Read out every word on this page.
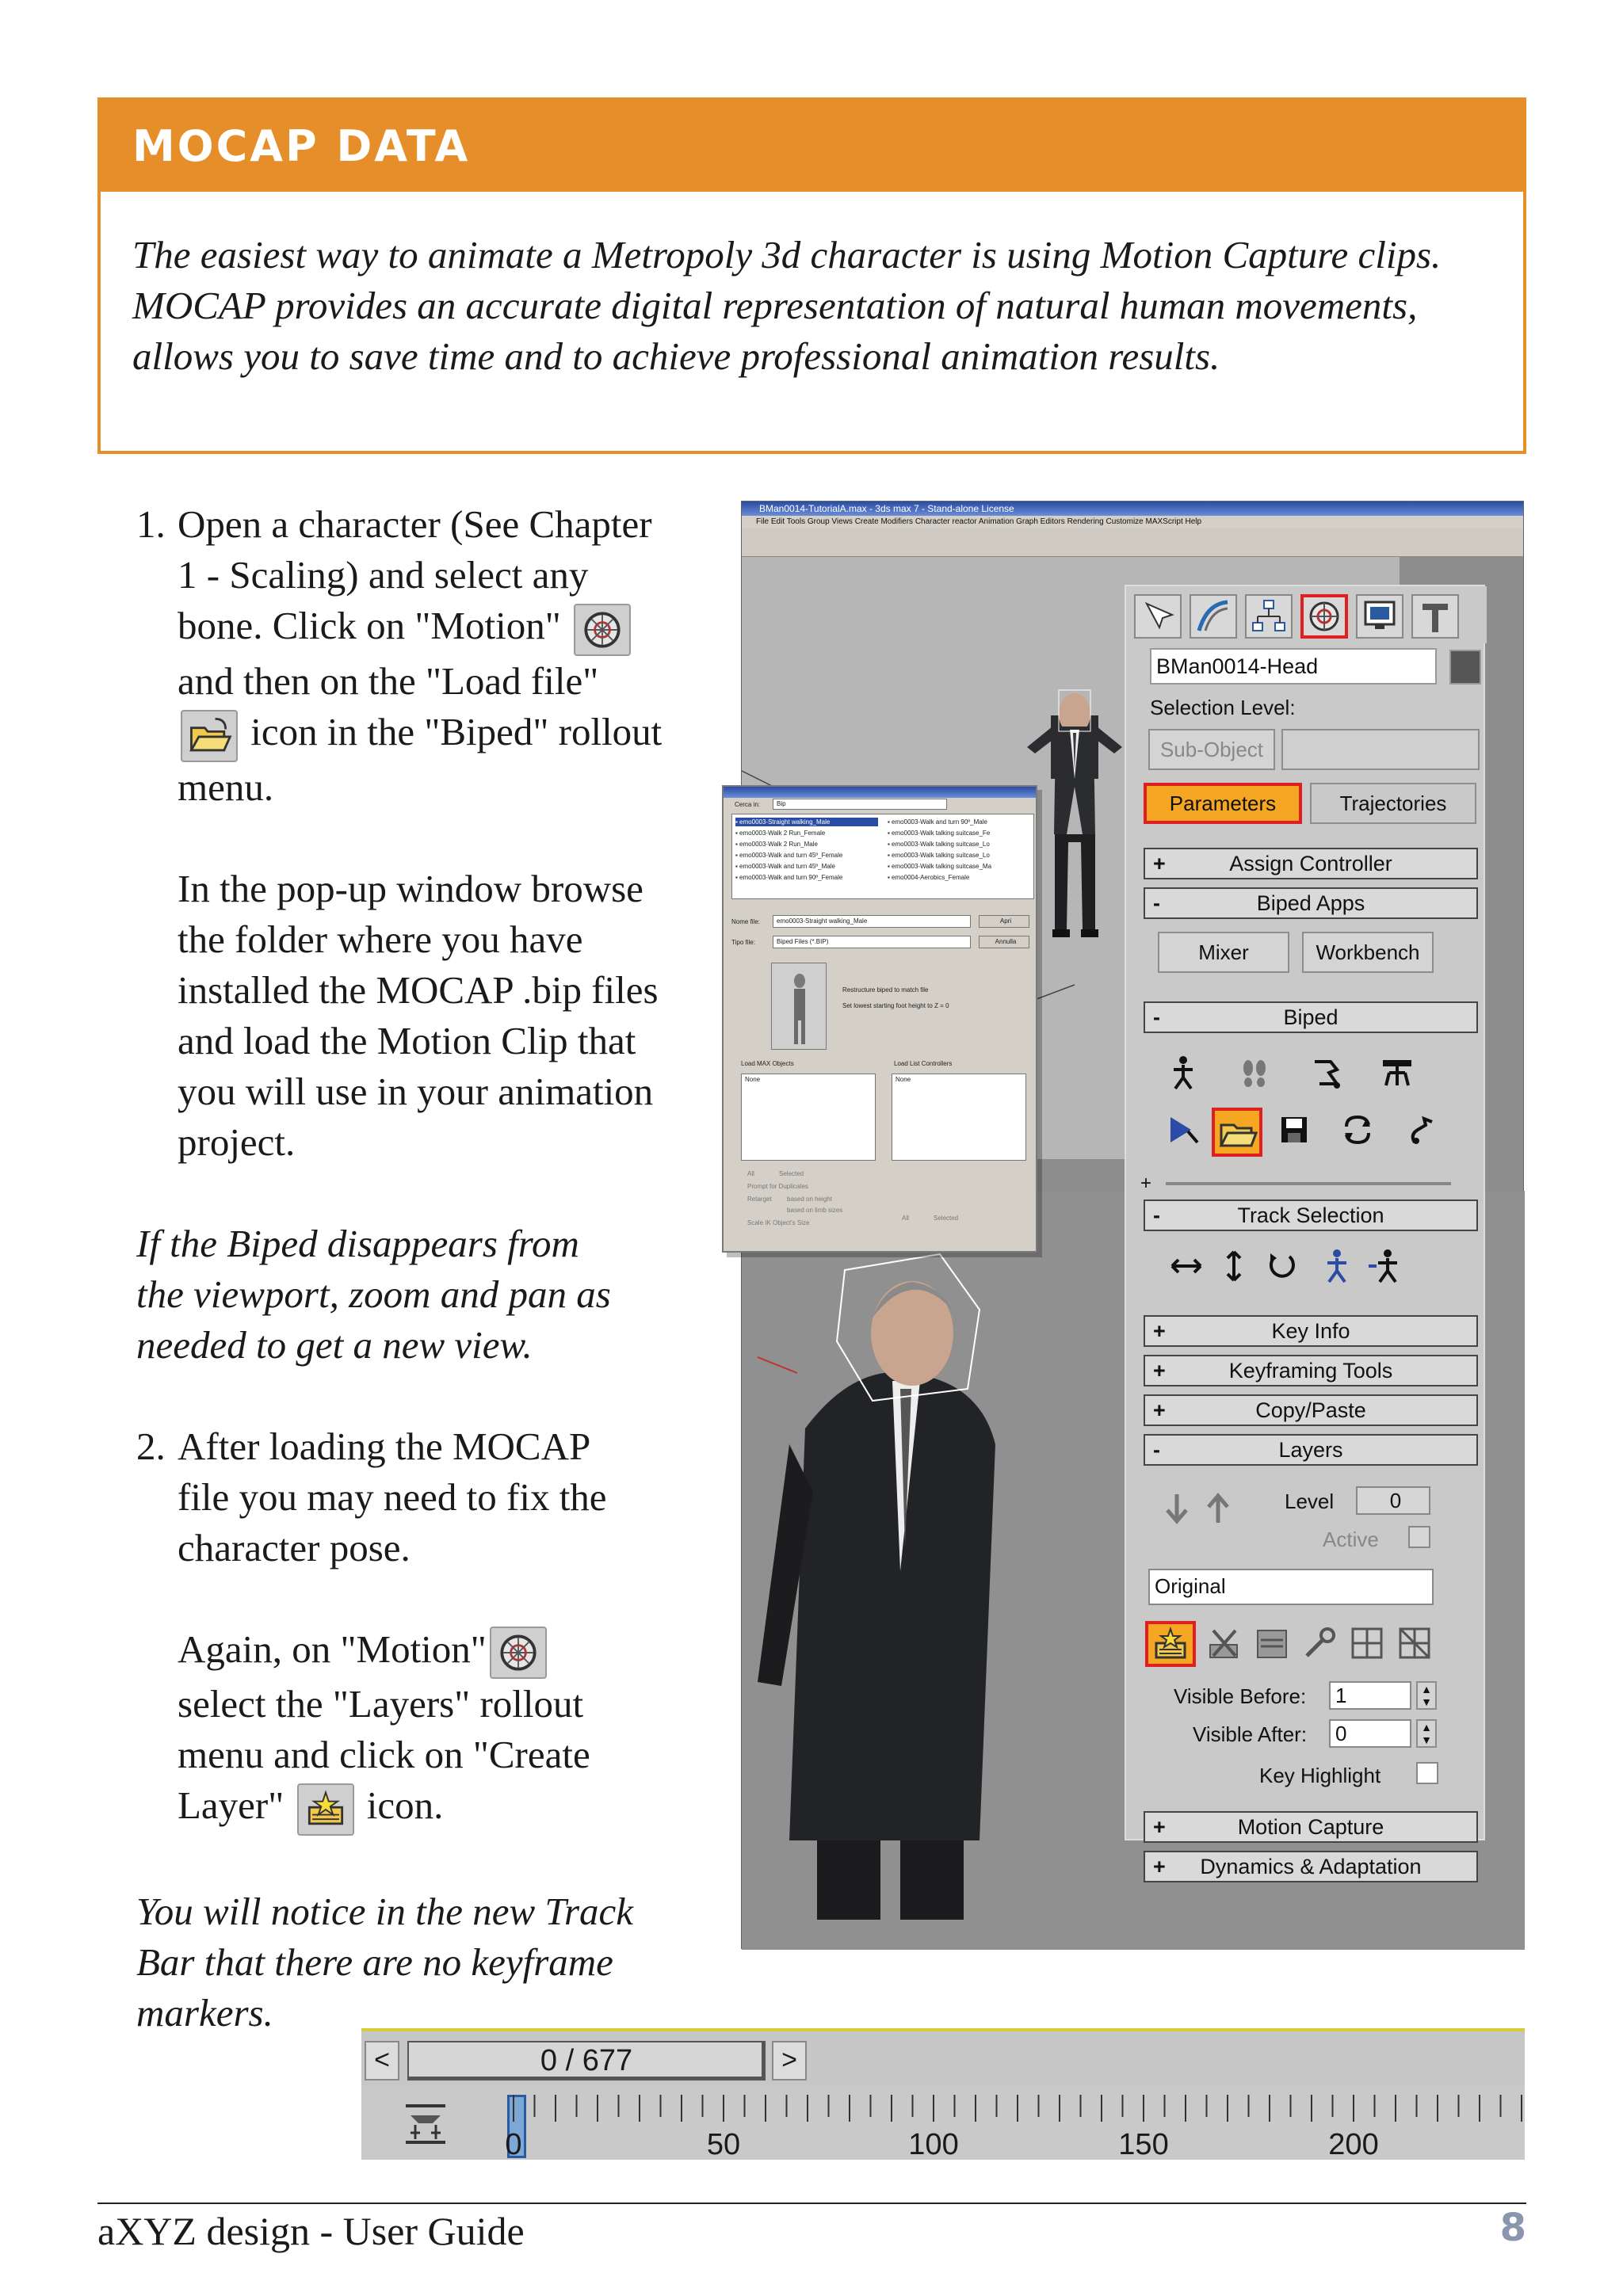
MOCAP DATA
The easiest way to animate a Metropoly 3d character is using Motion Capture clips.
MOCAP provides an accurate digital representation of natural human movements,
allows you to save time and to achieve professional animation results.
1. Open a character (See Chapter
1 - Scaling) and select any
bone. Click on "Motion"
and then on the "Load file"
icon in the "Biped" rollout
menu.
In the pop-up window browse
the folder where you have
installed the MOCAP .bip files
and load the Motion Clip that
you will use in your animation
project.
If the Biped disappears from
the viewport, zoom and pan as
needed to get a new view.
2. After loading the MOCAP
file you may need to fix the
character pose.
Again, on "Motion"
select the "Layers" rollout
menu and click on "Create
Layer" icon.
You will notice in the new Track
Bar that there are no keyframe
markers.
BMan0014-TutorialA.max - 3ds max 7 - Stand-alone License
File Edit Tools Group Views Create Modifiers Character reactor Animation Graph Editors Rendering Customize MAXScript Help
Cerca in:	Bip
▪ emo0003-Straight walking_Male
▪ emo0003-Walk 2 Run_Female
▪ emo0003-Walk 2 Run_Male
▪ emo0003-Walk and turn 45º_Female
▪ emo0003-Walk and turn 45º_Male
▪ emo0003-Walk and turn 90º_Female
▪ emo0003-Walk and turn 90º_Male
▪ emo0003-Walk talking suitcase_Fe
▪ emo0003-Walk talking suitcase_Lo
▪ emo0003-Walk talking suitcase_Lo
▪ emo0003-Walk talking suitcase_Ma
▪ emo0004-Aerobics_Female
Nome file:	emo0003-Straight walking_Male	Apri
Tipo file:	Biped Files (*.BIP)	Annulla
Restructure biped to match file
Set lowest starting foot height to Z = 0
Load MAX Objects	Load List Controllers
None	None
All	Selected
Prompt for Duplicates
Retarget based on height
based on limb sizes
Scale IK Object's Size
All	Selected
BMan0014-Head
Selection Level:
Sub-Object
Parameters	Trajectories
+	Assign Controller
-	Biped Apps
Mixer	Workbench
-	Biped
+
-	Track Selection
+	Key Info
+	Keyframing Tools
+	Copy/Paste
-	Layers
Level	0
Active
Original
Visible Before:	1	▲
▼
Visible After:	0	▲
▼
Key Highlight
+	Motion Capture
+ Dynamics & Adaptation
<	0 / 677	>
0	50	100	150	200
aXYZ design - User Guide	8
